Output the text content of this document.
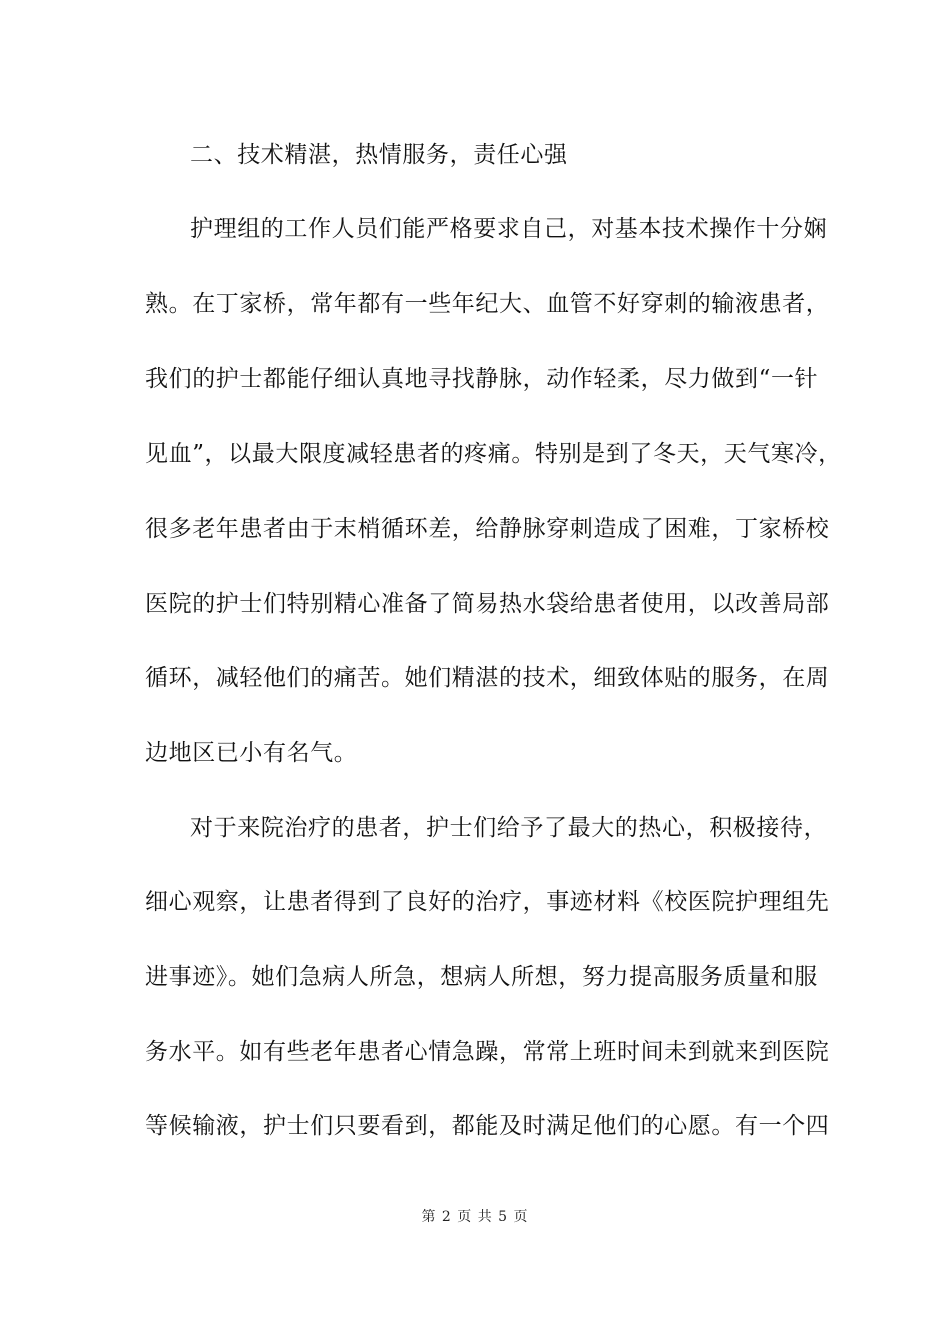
二、技术精湛，热情服务，责任心强
护理组的工作人员们能严格要求自己，对基本技术操作十分娴
熟。在丁家桥，常年都有一些年纪大、血管不好穿刺的输液患者，
我们的护士都能仔细认真地寻找静脉，动作轻柔，尽力做到“一针
见血”，以最大限度减轻患者的疼痛。特别是到了冬天，天气寒冷，
很多老年患者由于末梢循环差，给静脉穿刺造成了困难，丁家桥校
医院的护士们特别精心准备了简易热水袋给患者使用，以改善局部
循环，减轻他们的痛苦。她们精湛的技术，细致体贴的服务，在周
边地区已小有名气。
对于来院治疗的患者，护士们给予了最大的热心，积极接待，
细心观察，让患者得到了良好的治疗，事迹材料《校医院护理组先
进事迹》。她们急病人所急，想病人所想，努力提高服务质量和服
务水平。如有些老年患者心情急躁，常常上班时间未到就来到医院
等候输液，护士们只要看到，都能及时满足他们的心愿。有一个四
第 2 页 共 5 页
